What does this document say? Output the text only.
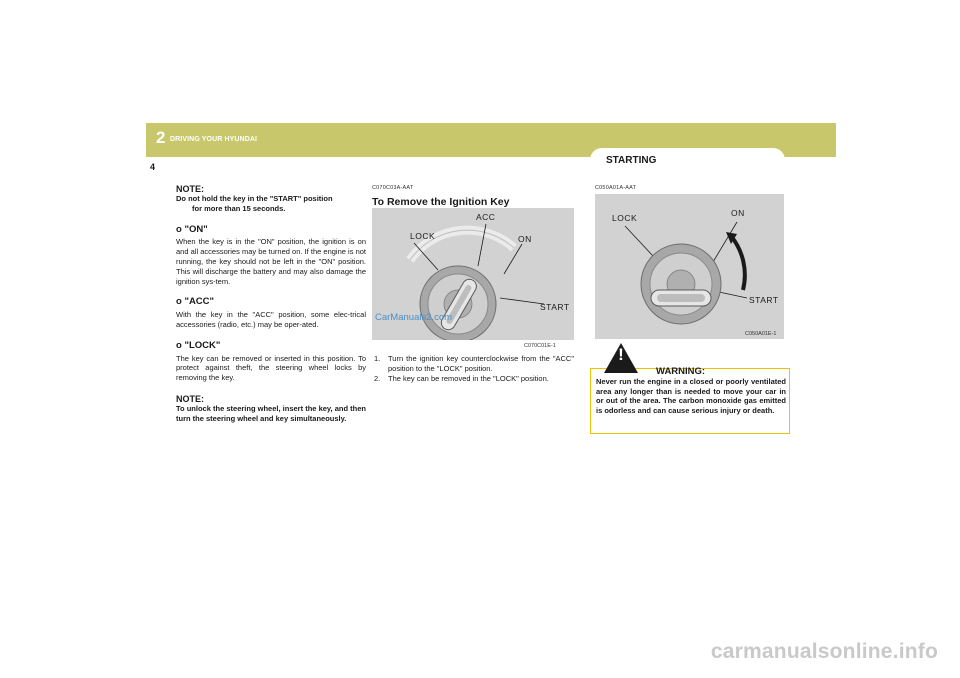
2 DRIVING YOUR HYUNDAI
4
STARTING
NOTE:
Do not hold the key in the "START" position
for more than 15 seconds.
o "ON"
When the key is in the "ON" position, the ignition is on and all accessories may be turned on. If the engine is not running, the key should not be left in the "ON" position. This will discharge the battery and may also damage the ignition sys-tem.
o "ACC"
With the key in the "ACC" position, some elec-trical accessories (radio, etc.) may be oper-ated.
o "LOCK"
The key can be removed or inserted in this position. To protect against theft, the steering wheel locks by removing the key.
NOTE:
To unlock the steering wheel, insert the key, and then turn the steering wheel and key simultaneously.
C070C03A-AAT
To Remove the Ignition Key
ACC
LOCK	ON
START
CarManuals2.com
C070C01E-1
1. Turn the ignition key counterclockwise from the "ACC" position to the "LOCK" position.
2. The key can be removed in the "LOCK" position.
C050A01A-AAT
LOCK	ON
START
C050A01E-1
!
WARNING:
Never run the engine in a closed or poorly ventilated area any longer than is needed to move your car in or out of the area. The carbon monoxide gas emitted is odorless and can cause serious injury or death.
carmanualsonline.info
